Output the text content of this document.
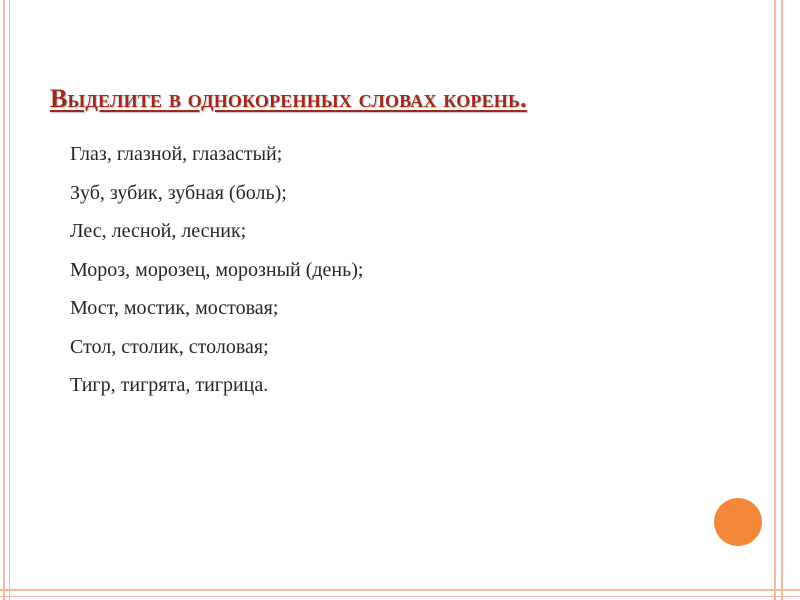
Выделите в однокоренных словах корень.
Глаз, глазной, глазастый;
Зуб, зубик, зубная (боль);
Лес, лесной, лесник;
Мороз, морозец, морозный (день);
Мост, мостик, мостовая;
Стол, столик, столовая;
Тигр, тигрята, тигрица.
